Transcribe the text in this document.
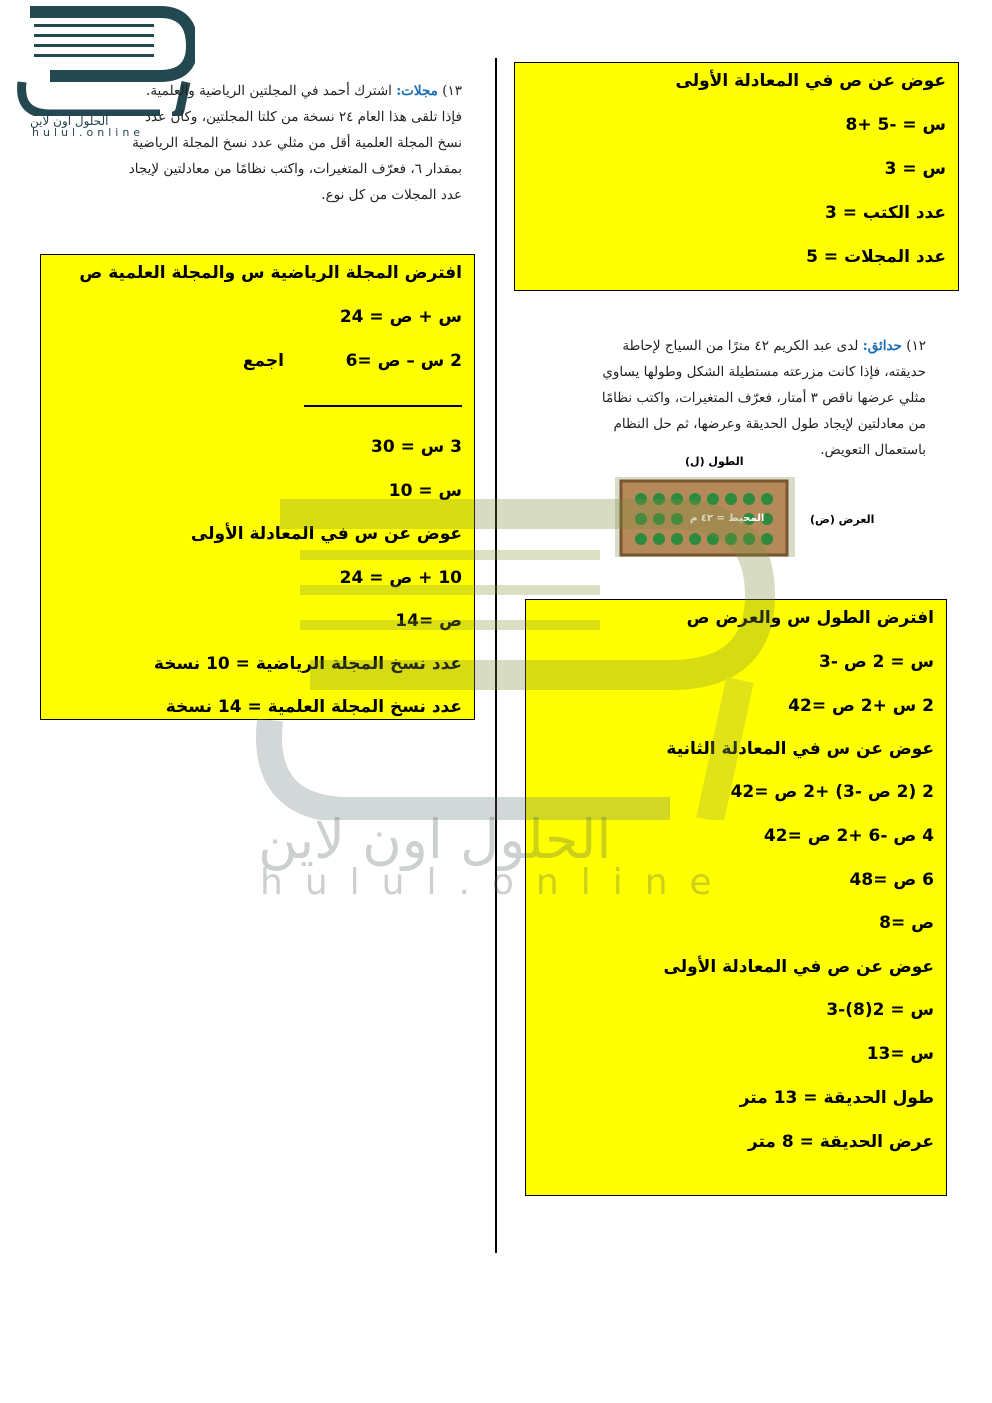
الحلول اون لاين
hulul.online
١٣) مجلات: اشترك أحمد في المجلتين الرياضية والعلمية.
فإذا تلقى هذا العام ٢٤ نسخة من كلتا المجلتين، وكان عدد
نسخ المجلة العلمية أقل من مثلي عدد نسخ المجلة الرياضية
بمقدار ٦، فعرّف المتغيرات، واكتب نظامًا من معادلتين لإيجاد
عدد المجلات من كل نوع.
عوض عن ص في المعادلة الأولى
س = -5 +8
س = 3
عدد الكتب = 3
عدد المجلات = 5
افترض المجلة الرياضية س والمجلة العلمية ص
س + ص = 24
2 س – ص =6
اجمع
3 س = 30
س = 10
عوض عن س في المعادلة الأولى
10 + ص = 24
ص =14
عدد نسخ المجلة الرياضية = 10 نسخة
عدد نسخ المجلة العلمية = 14 نسخة
١٢) حدائق: لدى عبد الكريم ٤٢ مترًا من السياج لإحاطة
حديقته، فإذا كانت مزرعته مستطيلة الشكل وطولها يساوي
مثلي عرضها ناقص ٣ أمتار، فعرّف المتغيرات، واكتب نظامًا
من معادلتين لإيجاد طول الحديقة وعرضها، ثم حل النظام
باستعمال التعويض.
الطول (ل)
العرض (ض)
المحيط = ٤٢ م
افترض الطول س والعرض ص
س = 2 ص -3
2 س +2 ص =42
عوض عن س في المعادلة الثانية
2 (2 ص -3) +2 ص =42
4 ص -6 +2 ص =42
6 ص =48
ص =8
عوض عن ص في المعادلة الأولى
س = 2(8)-3
س =13
طول الحديقة = 13 متر
عرض الحديقة = 8 متر
الحلول اون لاين
hulul.online
